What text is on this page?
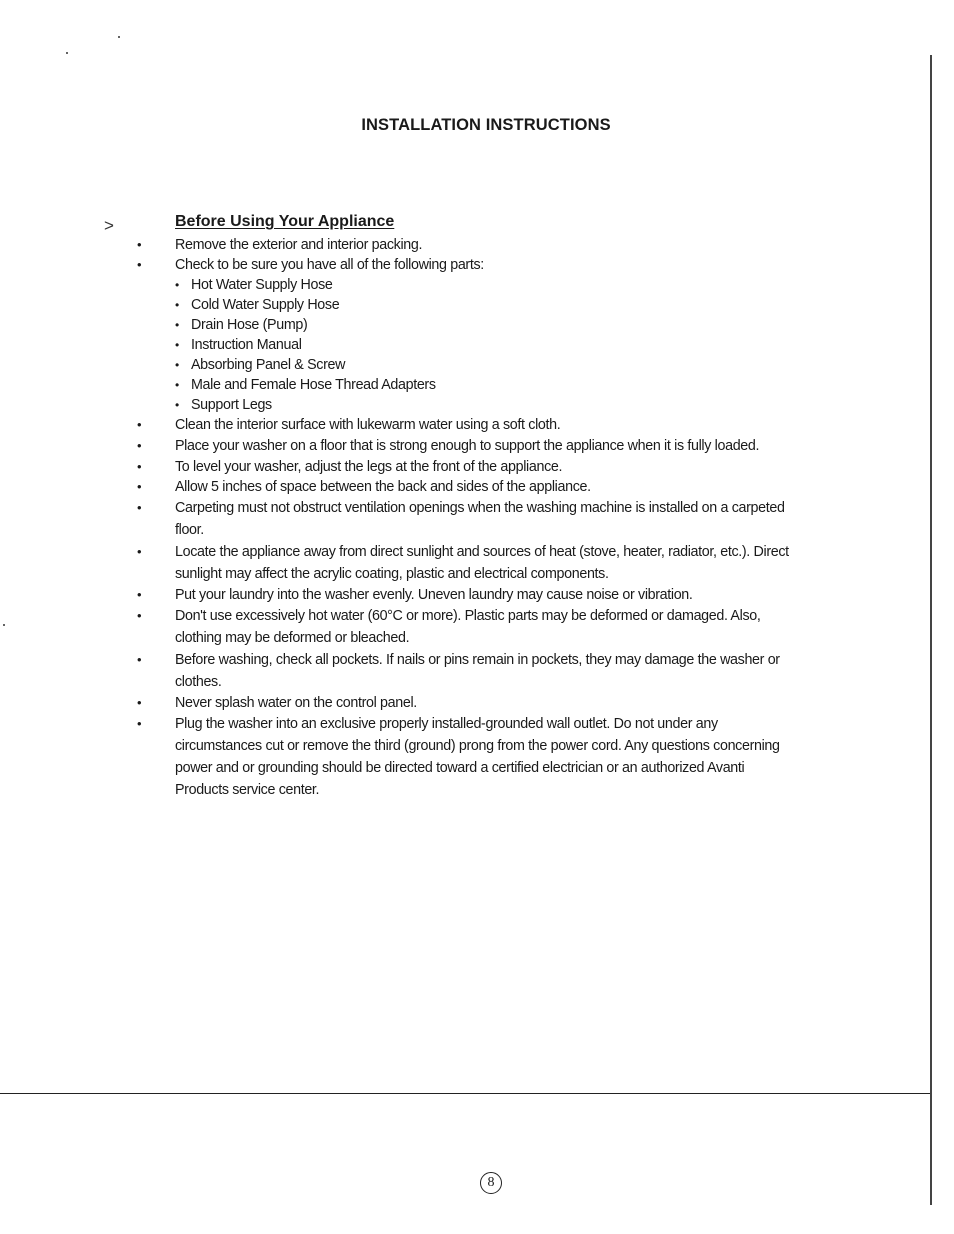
INSTALLATION INSTRUCTIONS
>	Before Using Your Appliance

• Remove the exterior and interior packing.

• Check to be sure you have all of the following parts:

• Hot Water Supply Hose

• Cold Water Supply Hose

• Drain Hose (Pump)

• Instruction Manual

• Absorbing Panel & Screw

• Male and Female Hose Thread Adapters

• Support Legs

• Clean the interior surface with lukewarm water using a soft cloth.

• Place your washer on a floor that is strong enough to support the appliance when it is fully loaded.

• To level your washer, adjust the legs at the front of the appliance.

• Allow 5 inches of space between the back and sides of the appliance.

• Carpeting must not obstruct ventilation openings when the washing machine is installed on a carpeted floor.

• Locate the appliance away from direct sunlight and sources of heat (stove, heater, radiator, etc.). Direct sunlight may affect the acrylic coating, plastic and electrical components.

• Put your laundry into the washer evenly. Uneven laundry may cause noise or vibration.

• Don't use excessively hot water (60°C or more). Plastic parts may be deformed or damaged. Also, clothing may be deformed or bleached.

• Before washing, check all pockets. If nails or pins remain in pockets, they may damage the washer or clothes.

• Never splash water on the control panel.

• Plug the washer into an exclusive properly installed-grounded wall outlet. Do not under any circumstances cut or remove the third (ground) prong from the power cord. Any questions concerning power and or grounding should be directed toward a certified electrician or an authorized Avanti Products service center.

8
